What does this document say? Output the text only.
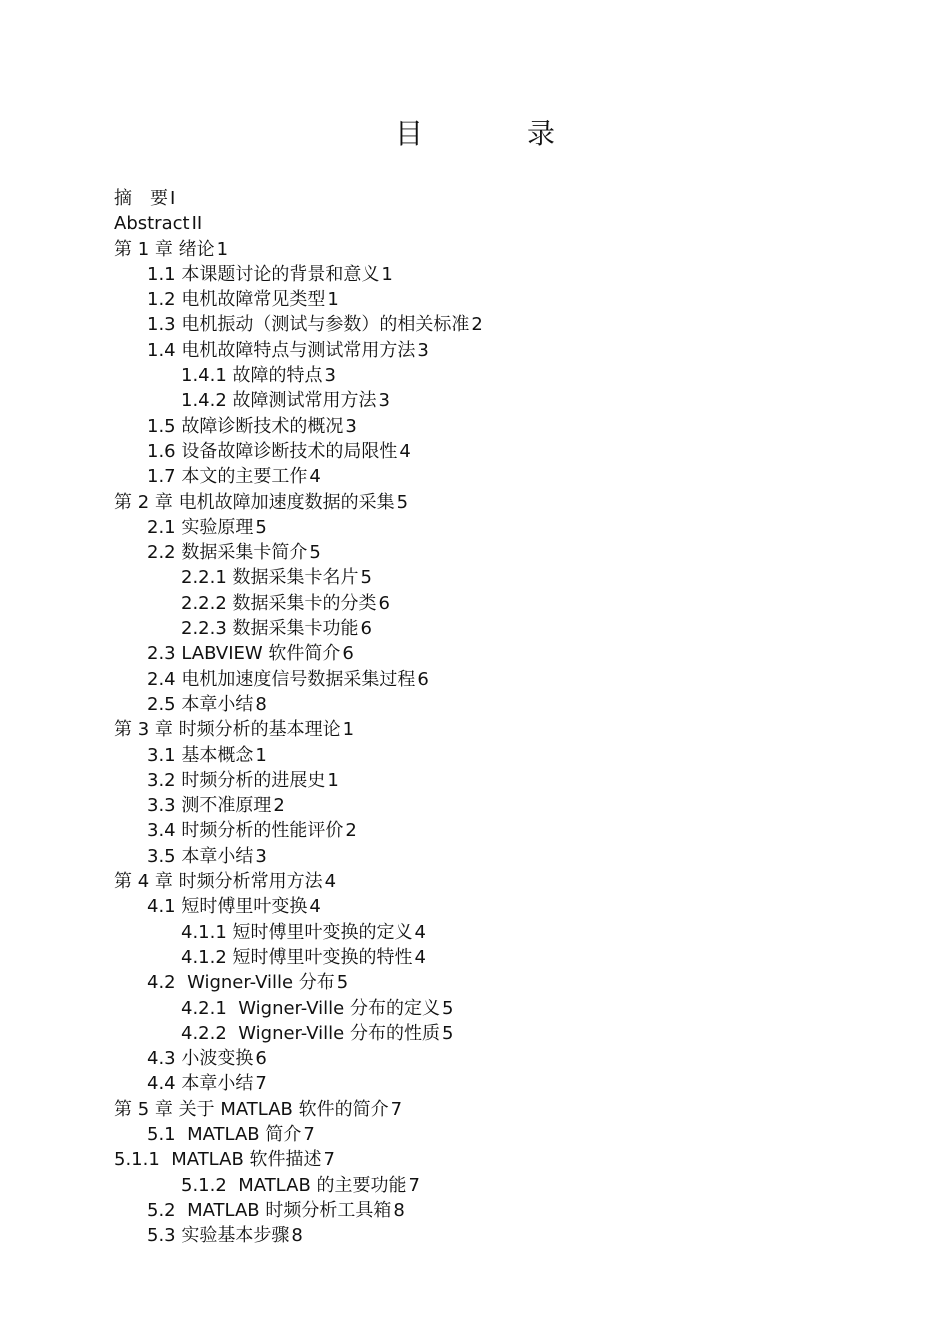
目　录
摘　要 I
Abstract II
第 1 章 绪论 1
1.1 本课题讨论的背景和意义 1
1.2 电机故障常见类型 1
1.3 电机振动（测试与参数）的相关标准 2
1.4 电机故障特点与测试常用方法 3
1.4.1 故障的特点 3
1.4.2 故障测试常用方法 3
1.5 故障诊断技术的概况 3
1.6 设备故障诊断技术的局限性 4
1.7 本文的主要工作 4
第 2 章 电机故障加速度数据的采集 5
2.1 实验原理 5
2.2 数据采集卡简介 5
2.2.1 数据采集卡名片 5
2.2.2 数据采集卡的分类 6
2.2.3 数据采集卡功能 6
2.3 LABVIEW 软件简介 6
2.4 电机加速度信号数据采集过程 6
2.5 本章小结 8
第 3 章 时频分析的基本理论 1
3.1 基本概念 1
3.2 时频分析的进展史 1
3.3 测不准原理 2
3.4 时频分析的性能评价 2
3.5 本章小结 3
第 4 章 时频分析常用方法 4
4.1 短时傅里叶变换 4
4.1.1 短时傅里叶变换的定义 4
4.1.2 短时傅里叶变换的特性 4
4.2  Wigner-Ville 分布 5
4.2.1  Wigner-Ville 分布的定义 5
4.2.2  Wigner-Ville 分布的性质 5
4.3 小波变换 6
4.4 本章小结 7
第 5 章 关于 MATLAB 软件的简介 7
5.1  MATLAB 简介 7
5.1.1  MATLAB 软件描述 7
5.1.2  MATLAB 的主要功能 7
5.2  MATLAB 时频分析工具箱 8
5.3 实验基本步骤 8
